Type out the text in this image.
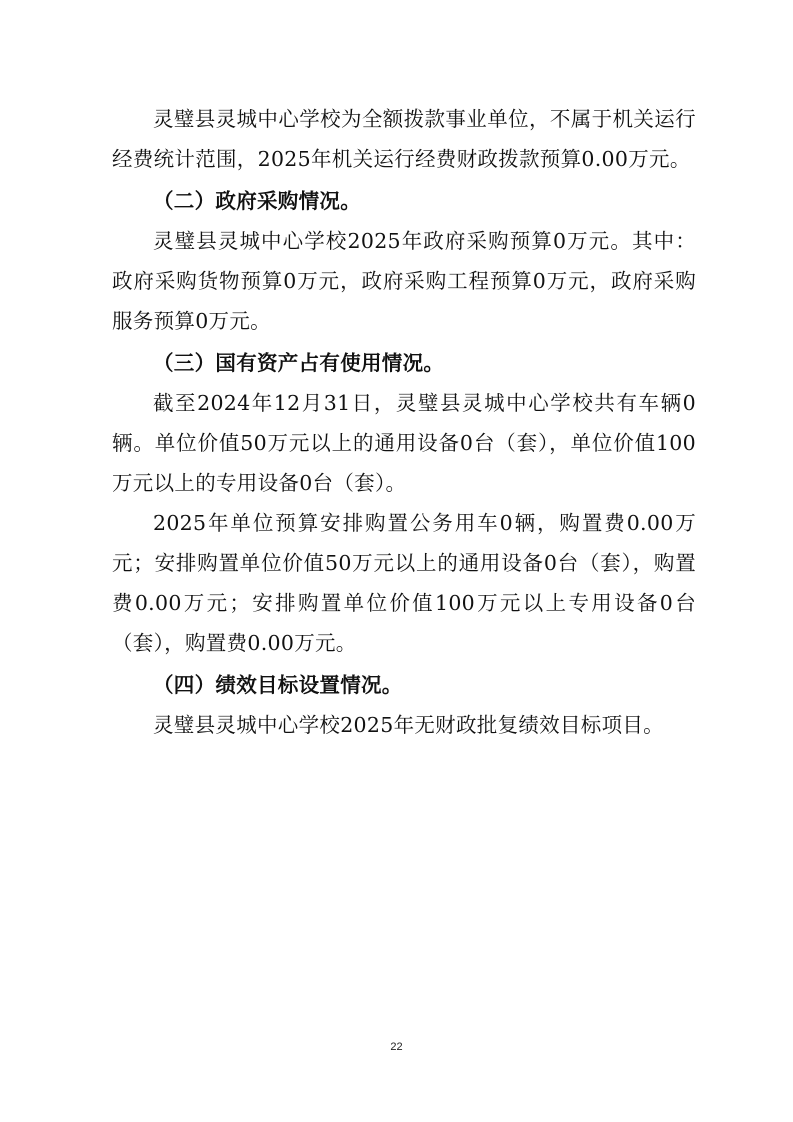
灵璧县灵城中心学校为全额拨款事业单位，不属于机关运行经费统计范围，2025年机关运行经费财政拨款预算0.00万元。

（二）政府采购情况。

灵璧县灵城中心学校2025年政府采购预算0万元。其中：政府采购货物预算0万元，政府采购工程预算0万元，政府采购服务预算0万元。

（三）国有资产占有使用情况。

截至2024年12月31日，灵璧县灵城中心学校共有车辆0辆。单位价值50万元以上的通用设备0台（套），单位价值100万元以上的专用设备0台（套）。

2025年单位预算安排购置公务用车0辆，购置费0.00万元；安排购置单位价值50万元以上的通用设备0台（套），购置费0.00万元；安排购置单位价值100万元以上专用设备0台（套），购置费0.00万元。

（四）绩效目标设置情况。

灵璧县灵城中心学校2025年无财政批复绩效目标项目。

22
